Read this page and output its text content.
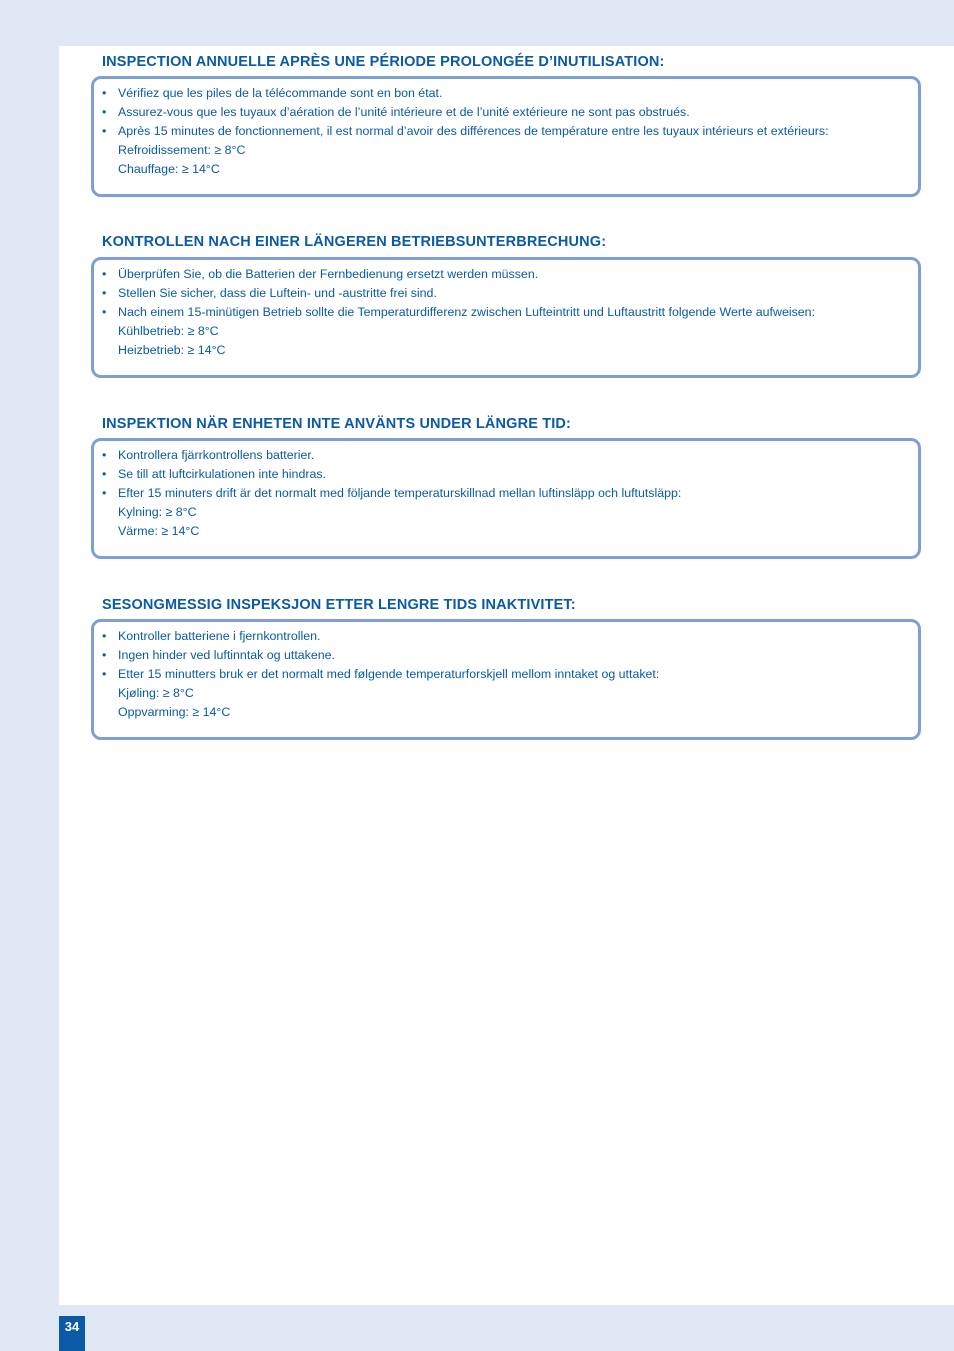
INSPECTION ANNUELLE APRÈS UNE PÉRIODE PROLONGÉE D’INUTILISATION:
• Vérifiez que les piles de la télécommande sont en bon état.
• Assurez-vous que les tuyaux d’aération de l’unité intérieure et de l’unité extérieure ne sont pas obstrués.
• Après 15 minutes de fonctionnement, il est normal d’avoir des différences de température entre les tuyaux intérieurs et extérieurs:
Refroidissement: ≥ 8°C
Chauffage: ≥ 14°C
KONTROLLEN NACH EINER LÄNGEREN BETRIEBSUNTERBRECHUNG:
• Überprüfen Sie, ob die Batterien der Fernbedienung ersetzt werden müssen.
• Stellen Sie sicher, dass die Luftein- und -austritte frei sind.
• Nach einem 15-minütigen Betrieb sollte die Temperaturdifferenz zwischen Lufteintritt und Luftaustritt folgende Werte aufweisen:
Kühlbetrieb: ≥ 8°C
Heizbetrieb: ≥ 14°C
INSPEKTION NÄR ENHETEN INTE ANVÄNTS UNDER LÄNGRE TID:
• Kontrollera fjärrkontrollens batterier.
• Se till att luftcirkulationen inte hindras.
• Efter 15 minuters drift är det normalt med följande temperaturskillnad mellan luftinsläpp och luftutsläpp:
Kylning: ≥ 8°C
Värme: ≥ 14°C
SESONGMESSIG INSPEKSJON ETTER LENGRE TIDS INAKTIVITET:
• Kontroller batteriene i fjernkontrollen.
• Ingen hinder ved luftinntak og uttakene.
• Etter 15 minutters bruk er det normalt med følgende temperaturforskjell mellom inntaket og uttaket:
Kjøling: ≥ 8°C
Oppvarming: ≥ 14°C
34
